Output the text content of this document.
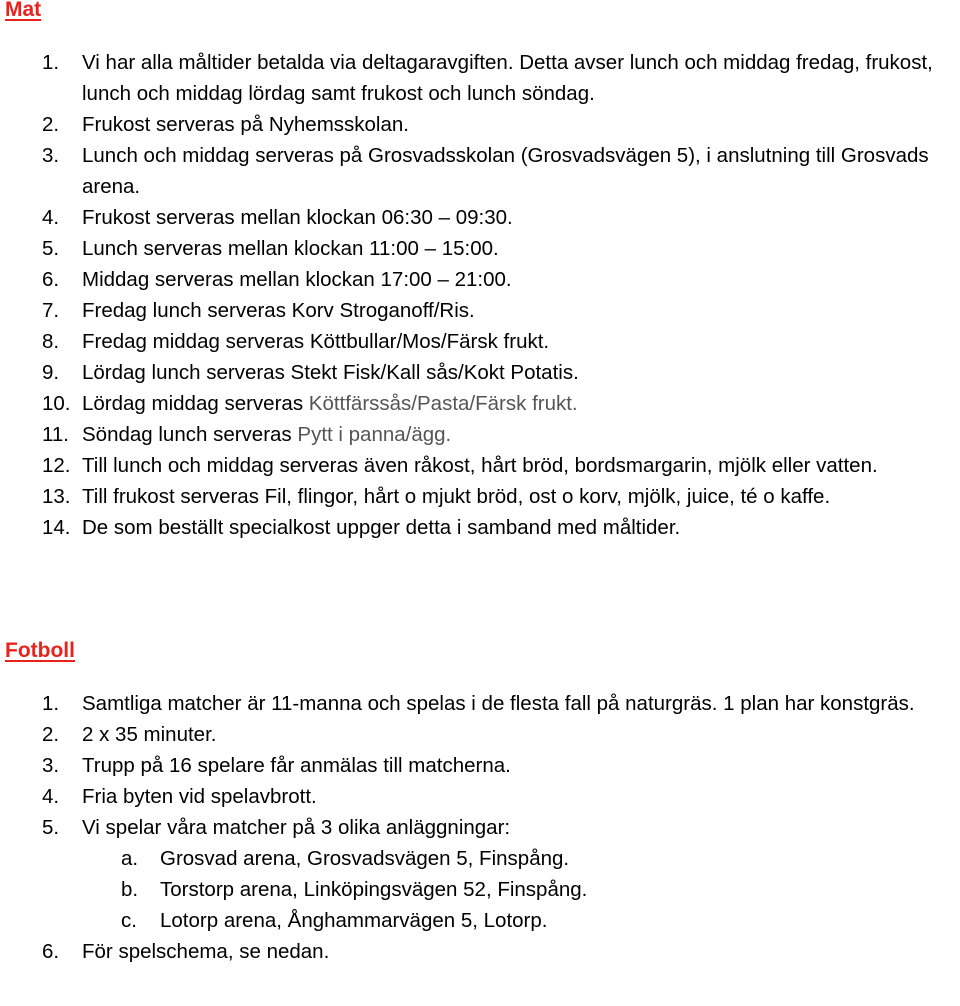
Mat
1.	Vi har alla måltider betalda via deltagaravgiften. Detta avser lunch och middag fredag, frukost, lunch och middag lördag samt frukost och lunch söndag.
2.	Frukost serveras på Nyhemsskolan.
3.	Lunch och middag serveras på Grosvadsskolan (Grosvadsvägen 5), i anslutning till Grosvads arena.
4.	Frukost serveras mellan klockan 06:30 – 09:30.
5.	Lunch serveras mellan klockan 11:00 – 15:00.
6.	Middag serveras mellan klockan 17:00 – 21:00.
7.	Fredag lunch serveras Korv Stroganoff/Ris.
8.	Fredag middag serveras Köttbullar/Mos/Färsk frukt.
9.	Lördag lunch serveras Stekt Fisk/Kall sås/Kokt Potatis.
10. Lördag middag serveras Köttfärssås/Pasta/Färsk frukt.
11. Söndag lunch serveras Pytt i panna/ägg.
12. Till lunch och middag serveras även råkost, hårt bröd, bordsmargarin, mjölk eller vatten.
13. Till frukost serveras Fil, flingor, hårt o mjukt bröd, ost o korv, mjölk, juice, té o kaffe.
14. De som beställt specialkost uppger detta i samband med måltider.
Fotboll
1.	Samtliga matcher är 11-manna och spelas i de flesta fall på naturgräs. 1 plan har konstgräs.
2.	2 x 35 minuter.
3.	Trupp på 16 spelare får anmälas till matcherna.
4.	Fria byten vid spelavbrott.
5.	Vi spelar våra matcher på 3 olika anläggningar:
a.	Grosvad arena, Grosvadsvägen 5, Finspång.
b.	Torstorp arena, Linköpingsvägen 52, Finspång.
c.	Lotorp arena, Ånghammarvägen 5, Lotorp.
6.	För spelschema, se nedan.
